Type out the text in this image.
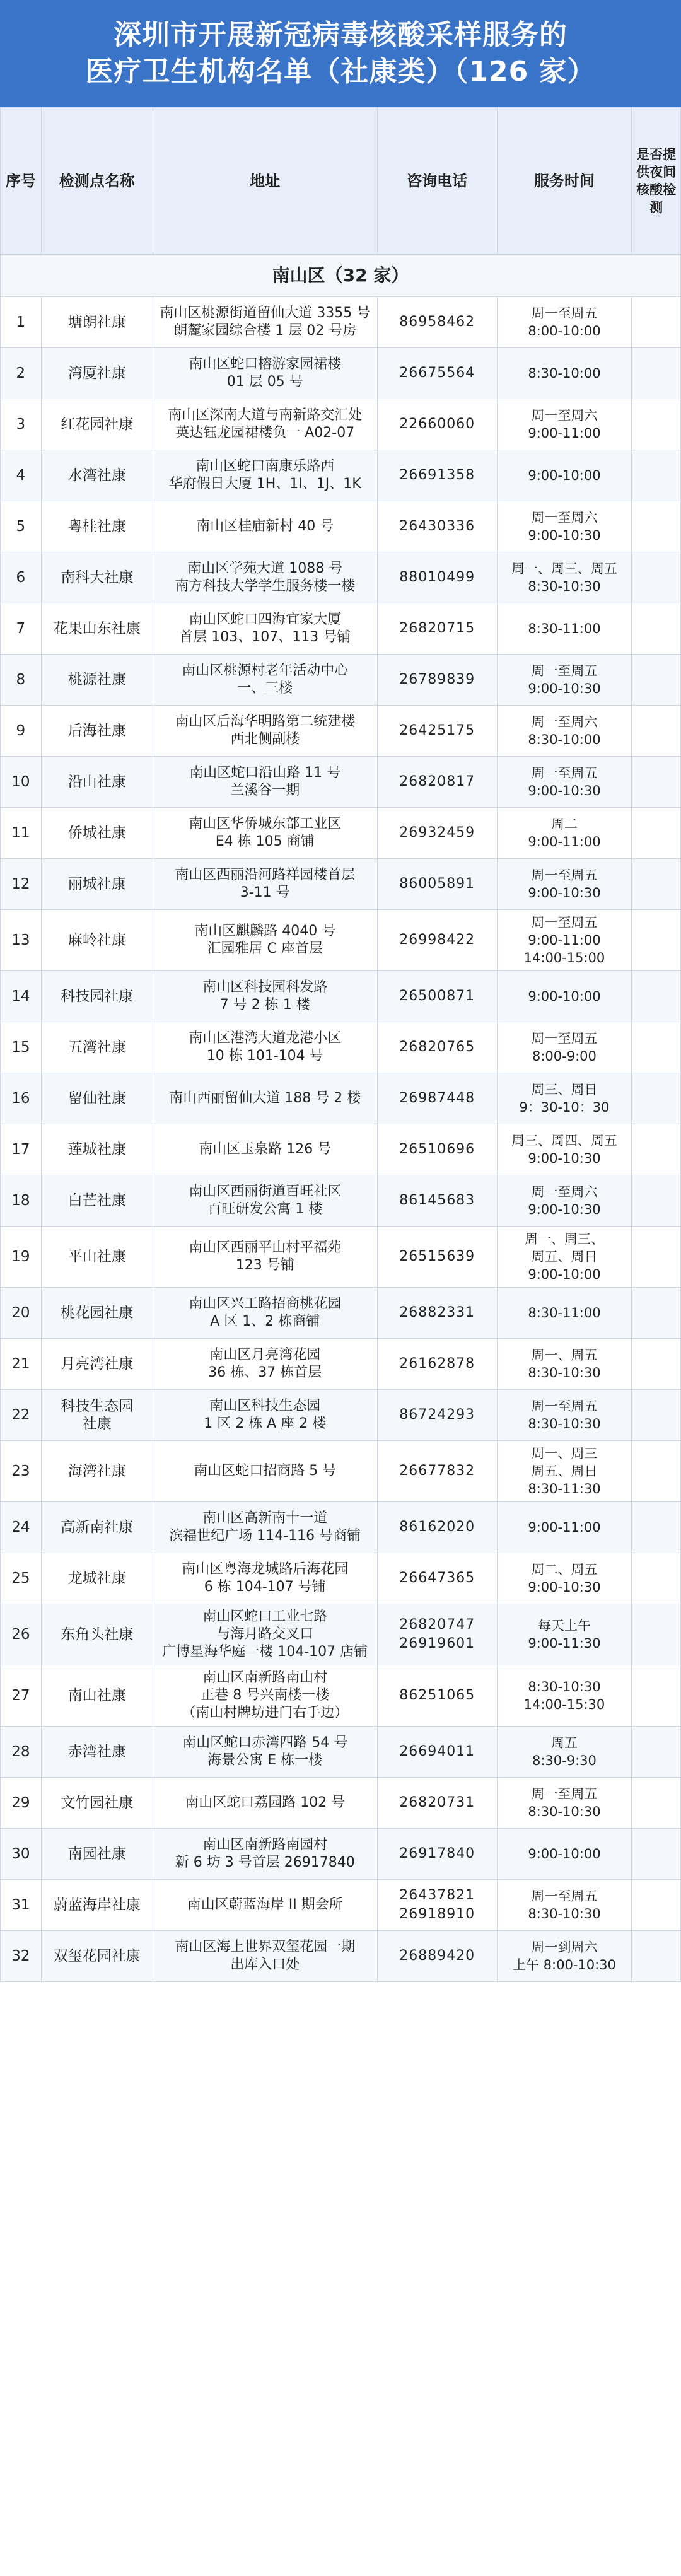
深圳市开展新冠病毒核酸采样服务的
医疗卫生机构名单（社康类）（126 家）
序号	检测点名称	地址	咨询电话	服务时间	是否提供夜间核酸检测
南山区（32 家）					
1	塘朗社康	南山区桃源街道留仙大道 3355 号
朗麓家园综合楼 1 层 02 号房	86958462	周一至周五
8:00-10:00	
2	湾厦社康	南山区蛇口榕游家园裙楼
01 层 05 号	26675564	8:30-10:00	
3	红花园社康	南山区深南大道与南新路交汇处
英达钰龙园裙楼负一 A02-07	22660060	周一至周六
9:00-11:00	
4	水湾社康	南山区蛇口南康乐路西
华府假日大厦 1H、1I、1J、1K	26691358	9:00-10:00	
5	粤桂社康	南山区桂庙新村 40 号	26430336	周一至周六
9:00-10:30	
6	南科大社康	南山区学苑大道 1088 号
南方科技大学学生服务楼一楼	88010499	周一、周三、周五
8:30-10:30	
7	花果山东社康	南山区蛇口四海宜家大厦
首层 103、107、113 号铺	26820715	8:30-11:00	
8	桃源社康	南山区桃源村老年活动中心
一、三楼	26789839	周一至周五
9:00-10:30	
9	后海社康	南山区后海华明路第二统建楼
西北侧副楼	26425175	周一至周六
8:30-10:00	
10	沿山社康	南山区蛇口沿山路 11 号
兰溪谷一期	26820817	周一至周五
9:00-10:30	
11	侨城社康	南山区华侨城东部工业区
E4 栋 105 商铺	26932459	周二
9:00-11:00	
12	丽城社康	南山区西丽沿河路祥园楼首层
3-11 号	86005891	周一至周五
9:00-10:30	
13	麻岭社康	南山区麒麟路 4040 号
汇园雅居 C 座首层	26998422	周一至周五
9:00-11:00
14:00-15:00	
14	科技园社康	南山区科技园科发路
7 号 2 栋 1 楼	26500871	9:00-10:00	
15	五湾社康	南山区港湾大道龙港小区
10 栋 101-104 号	26820765	周一至周五
8:00-9:00	
16	留仙社康	南山西丽留仙大道 188 号 2 楼	26987448	周三、周日
9：30-10：30	
17	莲城社康	南山区玉泉路 126 号	26510696	周三、周四、周五
9:00-10:30	
18	白芒社康	南山区西丽街道百旺社区
百旺研发公寓 1 楼	86145683	周一至周六
9:00-10:30	
19	平山社康	南山区西丽平山村平福苑
123 号铺	26515639	周一、周三、
周五、周日
9:00-10:00	
20	桃花园社康	南山区兴工路招商桃花园
A 区 1、2 栋商铺	26882331	8:30-11:00	
21	月亮湾社康	南山区月亮湾花园
36 栋、37 栋首层	26162878	周一、周五
8:30-10:30	
22	科技生态园
社康	南山区科技生态园
1 区 2 栋 A 座 2 楼	86724293	周一至周五
8:30-10:30	
23	海湾社康	南山区蛇口招商路 5 号	26677832	周一、周三
周五、周日
8:30-11:30	
24	高新南社康	南山区高新南十一道
滨福世纪广场 114-116 号商铺	86162020	9:00-11:00	
25	龙城社康	南山区粤海龙城路后海花园
6 栋 104-107 号铺	26647365	周二、周五
9:00-10:30	
26	东角头社康	南山区蛇口工业七路
与海月路交叉口
广博星海华庭一楼 104-107 店铺	26820747
26919601	每天上午
9:00-11:30	
27	南山社康	南山区南新路南山村
正巷 8 号兴南楼一楼
（南山村牌坊进门右手边）	86251065	8:30-10:30
14:00-15:30	
28	赤湾社康	南山区蛇口赤湾四路 54 号
海景公寓 E 栋一楼	26694011	周五
8:30-9:30	
29	文竹园社康	南山区蛇口荔园路 102 号	26820731	周一至周五
8:30-10:30	
30	南园社康	南山区南新路南园村
新 6 坊 3 号首层 26917840	26917840	9:00-10:00	
31	蔚蓝海岸社康	南山区蔚蓝海岸 II 期会所	26437821
26918910	周一至周五
8:30-10:30	
32	双玺花园社康	南山区海上世界双玺花园一期
出库入口处	26889420	周一到周六
上午 8:00-10:30	
